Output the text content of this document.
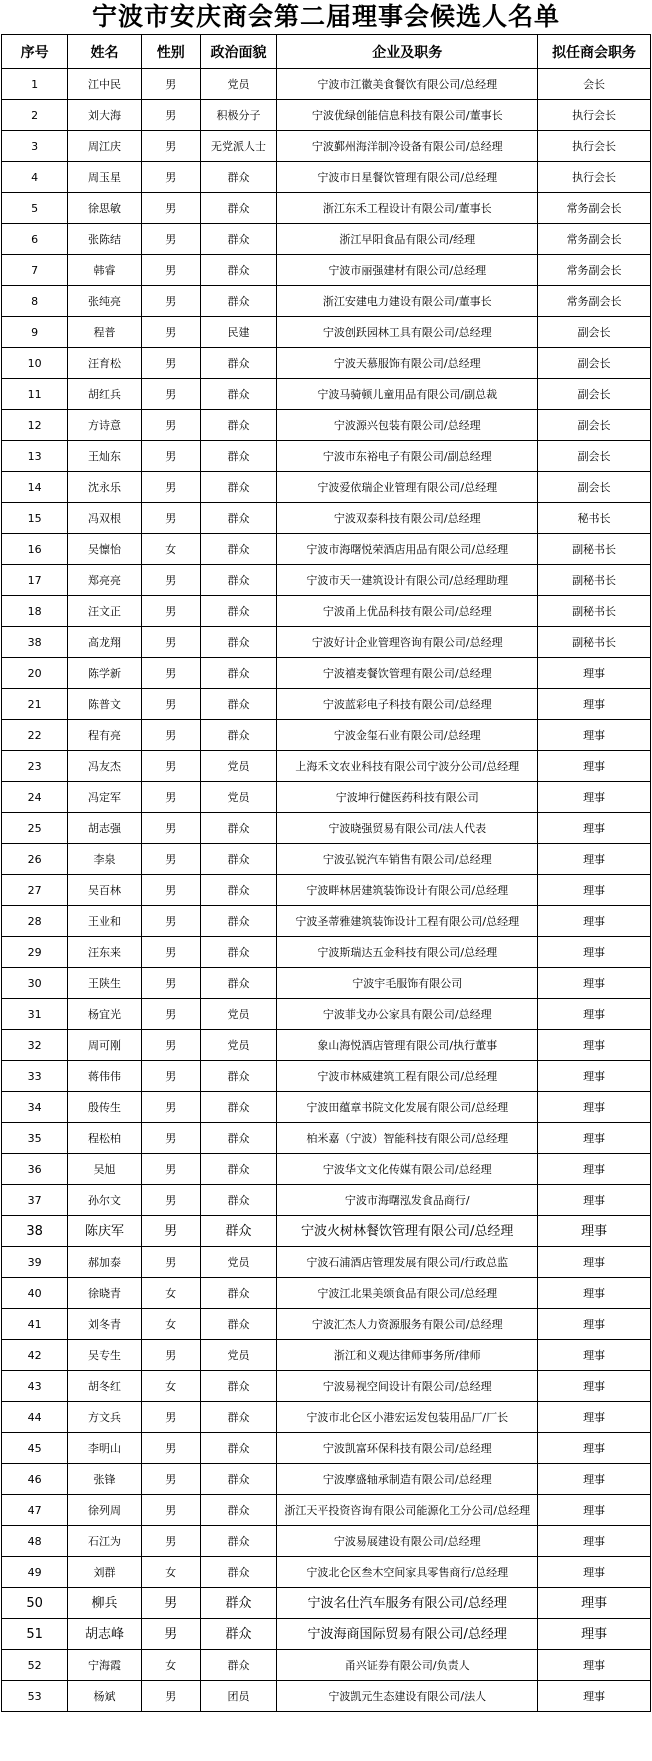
宁波市安庆商会第二届理事会候选人名单
序号	姓名	性别	政治面貌	企业及职务	拟任商会职务
1	江中民	男	党员	宁波市江徽美食餐饮有限公司/总经理	会长
2	刘大海	男	积极分子	宁波优绿创能信息科技有限公司/董事长	执行会长
3	周江庆	男	无党派人士	宁波鄞州海洋制冷设备有限公司/总经理	执行会长
4	周玉星	男	群众	宁波市日星餐饮管理有限公司/总经理	执行会长
5	徐思敏	男	群众	浙江东禾工程设计有限公司/董事长	常务副会长
6	张陈结	男	群众	浙江早阳食品有限公司/经理	常务副会长
7	韩睿	男	群众	宁波市丽强建材有限公司/总经理	常务副会长
8	张纯亮	男	群众	浙江安建电力建设有限公司/董事长	常务副会长
9	程普	男	民建	宁波创跃园林工具有限公司/总经理	副会长
10	汪育松	男	群众	宁波天慕服饰有限公司/总经理	副会长
11	胡红兵	男	群众	宁波马骑顿儿童用品有限公司/副总裁	副会长
12	方诗意	男	群众	宁波源兴包装有限公司/总经理	副会长
13	王灿东	男	群众	宁波市东裕电子有限公司/副总经理	副会长
14	沈永乐	男	群众	宁波爱依瑞企业管理有限公司/总经理	副会长
15	冯双根	男	群众	宁波双泰科技有限公司/总经理	秘书长
16	吴懔怡	女	群众	宁波市海曙悦荣酒店用品有限公司/总经理	副秘书长
17	郑亮亮	男	群众	宁波市天一建筑设计有限公司/总经理助理	副秘书长
18	汪文正	男	群众	宁波甬上优品科技有限公司/总经理	副秘书长
38	高龙翔	男	群众	宁波好计企业管理咨询有限公司/总经理	副秘书长
20	陈学新	男	群众	宁波禧麦餐饮管理有限公司/总经理	理事
21	陈普文	男	群众	宁波蓝彩电子科技有限公司/总经理	理事
22	程有亮	男	群众	宁波金玺石业有限公司/总经理	理事
23	冯友杰	男	党员	上海禾文农业科技有限公司宁波分公司/总经理	理事
24	冯定军	男	党员	宁波坤行健医药科技有限公司	理事
25	胡志强	男	群众	宁波晓强贸易有限公司/法人代表	理事
26	李泉	男	群众	宁波弘锐汽车销售有限公司/总经理	理事
27	吴百林	男	群众	宁波畔林居建筑装饰设计有限公司/总经理	理事
28	王业和	男	群众	宁波圣蒂雅建筑装饰设计工程有限公司/总经理	理事
29	汪东来	男	群众	宁波斯瑞达五金科技有限公司/总经理	理事
30	王陕生	男	群众	宁波宇毛服饰有限公司	理事
31	杨宜光	男	党员	宁波菲戈办公家具有限公司/总经理	理事
32	周可刚	男	党员	象山海悦酒店管理有限公司/执行董事	理事
33	蒋伟伟	男	群众	宁波市林威建筑工程有限公司/总经理	理事
34	殷传生	男	群众	宁波田蕴章书院文化发展有限公司/总经理	理事
35	程松柏	男	群众	柏米嘉（宁波）智能科技有限公司/总经理	理事
36	吴旭	男	群众	宁波华文文化传媒有限公司/总经理	理事
37	孙尔文	男	群众	宁波市海曙泓发食品商行/	理事
38	陈庆军	男	群众	宁波火树林餐饮管理有限公司/总经理	理事
39	郝加泰	男	党员	宁波石浦酒店管理发展有限公司/行政总监	理事
40	徐晓青	女	群众	宁波江北果美颂食品有限公司/总经理	理事
41	刘冬青	女	群众	宁波汇杰人力资源服务有限公司/总经理	理事
42	吴专生	男	党员	浙江和义观达律师事务所/律师	理事
43	胡冬红	女	群众	宁波易视空间设计有限公司/总经理	理事
44	方文兵	男	群众	宁波市北仑区小港宏运发包装用品厂/厂长	理事
45	李明山	男	群众	宁波凯富环保科技有限公司/总经理	理事
46	张锋	男	群众	宁波摩盛轴承制造有限公司/总经理	理事
47	徐列周	男	群众	浙江天平投资咨询有限公司能源化工分公司/总经理	理事
48	石江为	男	群众	宁波易展建设有限公司/总经理	理事
49	刘群	女	群众	宁波北仑区叁木空间家具零售商行/总经理	理事
50	柳兵	男	群众	宁波名仕汽车服务有限公司/总经理	理事
51	胡志峰	男	群众	宁波海商国际贸易有限公司/总经理	理事
52	宁海霞	女	群众	甬兴证券有限公司/负责人	理事
53	杨斌	男	团员	宁波凯元生态建设有限公司/法人	理事
